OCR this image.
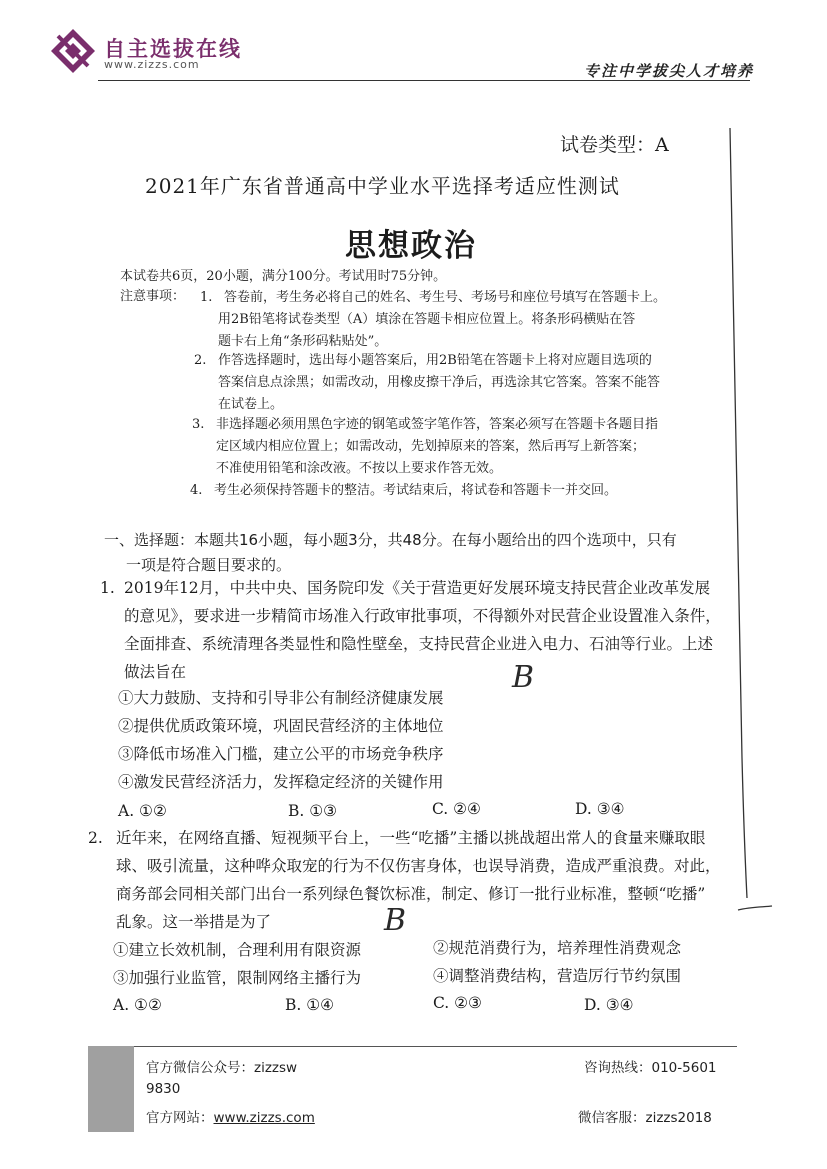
自主选拔在线
www.zizzs.com	专注中学拔尖人才培养
试卷类型：A
2021年广东省普通高中学业水平选择考适应性测试
思想政治
本试卷共6页，20小题，满分100分。考试用时75分钟。
注意事项： 1. 答卷前，考生务必将自己的姓名、考生号、考场号和座位号填写在答题卡上。
用2B铅笔将试卷类型（A）填涂在答题卡相应位置上。将条形码横贴在答
题卡右上角“条形码粘贴处”。
2. 作答选择题时，选出每小题答案后，用2B铅笔在答题卡上将对应题目选项的
答案信息点涂黑；如需改动，用橡皮擦干净后，再选涂其它答案。答案不能答
在试卷上。
3. 非选择题必须用黑色字迹的钢笔或签字笔作答，答案必须写在答题卡各题目指
定区域内相应位置上；如需改动，先划掉原来的答案，然后再写上新答案；
不准使用铅笔和涂改液。不按以上要求作答无效。
4. 考生必须保持答题卡的整洁。考试结束后，将试卷和答题卡一并交回。
一、选择题：本题共16小题，每小题3分，共48分。在每小题给出的四个选项中，只有
一项是符合题目要求的。
1. 2019年12月，中共中央、国务院印发《关于营造更好发展环境支持民营企业改革发展
的意见》，要求进一步精简市场准入行政审批事项，不得额外对民营企业设置准入条件，
全面排查、系统清理各类显性和隐性壁垒，支持民营企业进入电力、石油等行业。上述
做法旨在
①大力鼓励、支持和引导非公有制经济健康发展
②提供优质政策环境，巩固民营经济的主体地位
③降低市场准入门槛，建立公平的市场竞争秩序
④激发民营经济活力，发挥稳定经济的关键作用
B
A. ①②	B. ①③	C. ②④	D. ③④
2. 近年来，在网络直播、短视频平台上，一些“吃播”主播以挑战超出常人的食量来赚取眼
球、吸引流量，这种哗众取宠的行为不仅伤害身体，也误导消费，造成严重浪费。对此，
商务部会同相关部门出台一系列绿色餐饮标准，制定、修订一批行业标准，整顿“吃播”
乱象。这一举措是为了	B
①建立长效机制，合理利用有限资源	②规范消费行为，培养理性消费观念
③加强行业监管，限制网络主播行为	④调整消费结构，营造厉行节约氛围
A. ①②	B. ①④	C. ②③	D. ③④
官方微信公众号：zizzsw	咨询热线：010-5601
9830
官方网站：www.zizzs.com	微信客服：zizzs2018
